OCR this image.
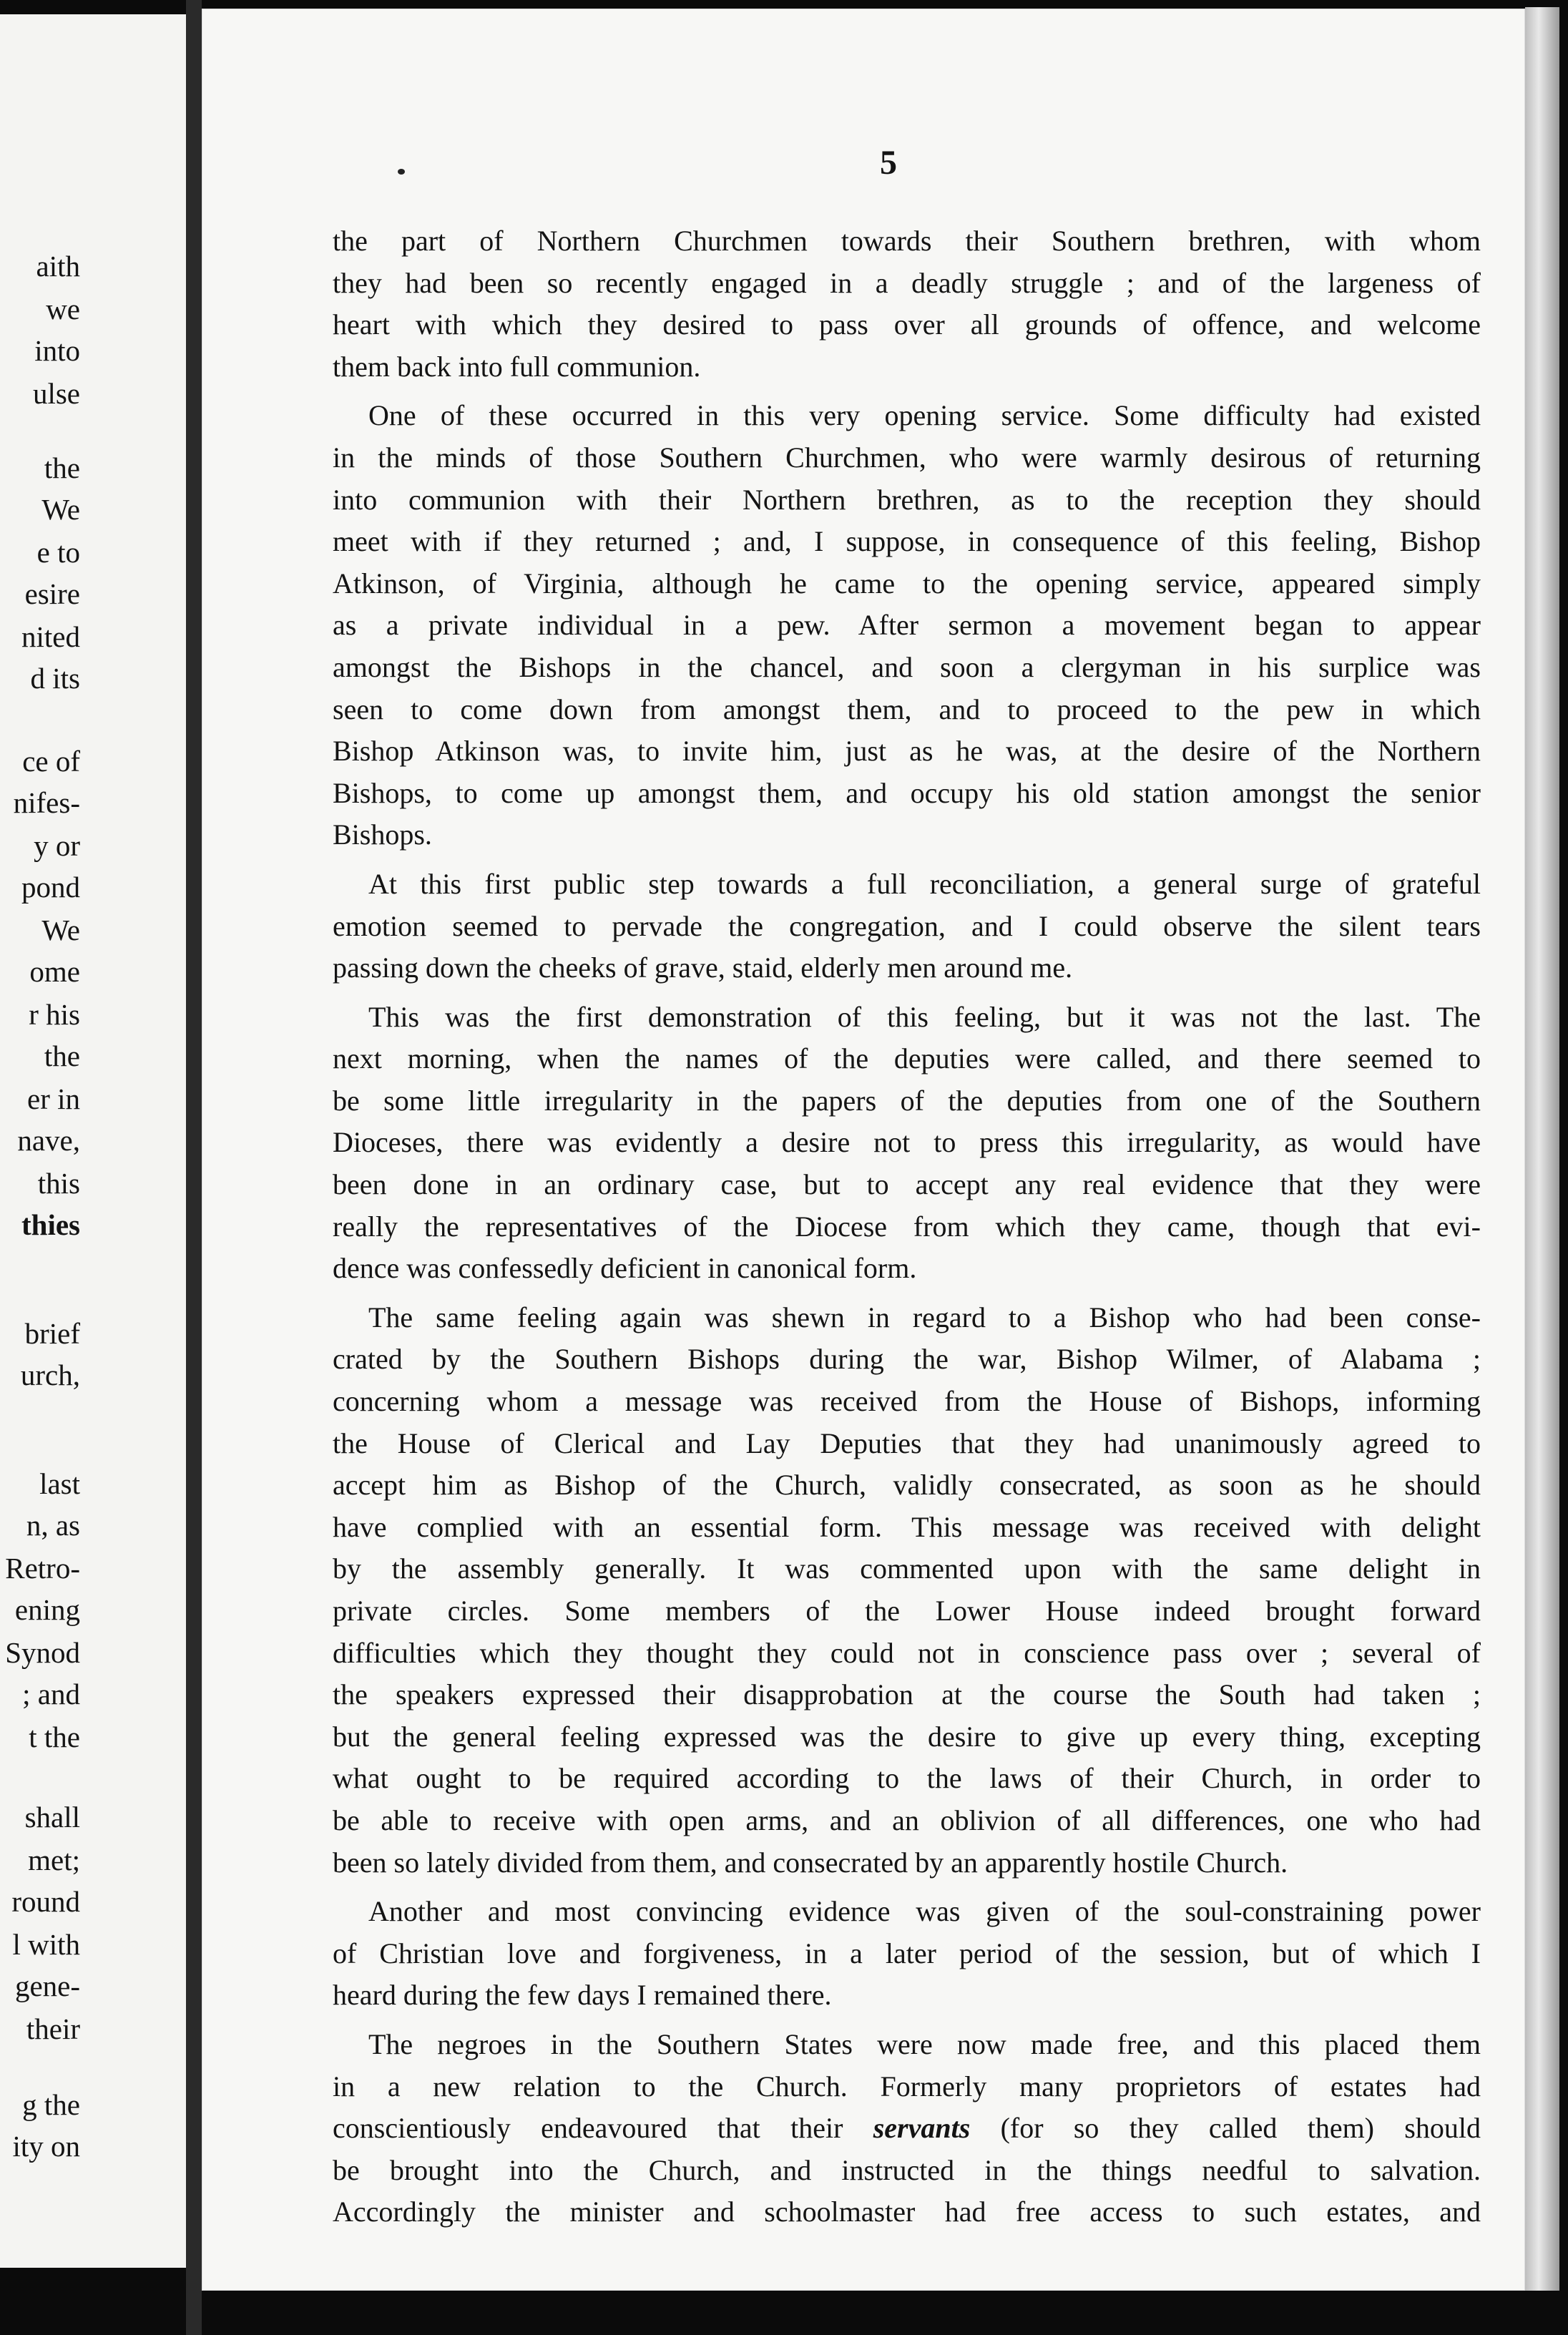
aith
we
into
ulse
the
We
e to
esire
nited
d its
ce of
nifes-
y or
pond
We
ome
r his
the
er in
nave,
this
thies
brief
urch,
last
n, as
Retro-
ening
Synod
; and
t the
shall
met;
round
l with
gene-
their
g the
ity on
5
the part of Northern Churchmen towards their Southern brethren, with whom
they had been so recently engaged in a deadly struggle ; and of the largeness of
heart with which they desired to pass over all grounds of offence, and welcome
them back into full communion.
One of these occurred in this very opening service. Some difficulty had existed
in the minds of those Southern Churchmen, who were warmly desirous of returning
into communion with their Northern brethren, as to the reception they should
meet with if they returned ; and, I suppose, in consequence of this feeling, Bishop
Atkinson, of Virginia, although he came to the opening service, appeared simply
as a private individual in a pew. After sermon a movement began to appear
amongst the Bishops in the chancel, and soon a clergyman in his surplice was
seen to come down from amongst them, and to proceed to the pew in which
Bishop Atkinson was, to invite him, just as he was, at the desire of the Northern
Bishops, to come up amongst them, and occupy his old station amongst the senior
Bishops.
At this first public step towards a full reconciliation, a general surge of grateful
emotion seemed to pervade the congregation, and I could observe the silent tears
passing down the cheeks of grave, staid, elderly men around me.
This was the first demonstration of this feeling, but it was not the last. The
next morning, when the names of the deputies were called, and there seemed to
be some little irregularity in the papers of the deputies from one of the Southern
Dioceses, there was evidently a desire not to press this irregularity, as would have
been done in an ordinary case, but to accept any real evidence that they were
really the representatives of the Diocese from which they came, though that evi-
dence was confessedly deficient in canonical form.
The same feeling again was shewn in regard to a Bishop who had been conse-
crated by the Southern Bishops during the war, Bishop Wilmer, of Alabama ;
concerning whom a message was received from the House of Bishops, informing
the House of Clerical and Lay Deputies that they had unanimously agreed to
accept him as Bishop of the Church, validly consecrated, as soon as he should
have complied with an essential form. This message was received with delight
by the assembly generally. It was commented upon with the same delight in
private circles. Some members of the Lower House indeed brought forward
difficulties which they thought they could not in conscience pass over ; several of
the speakers expressed their disapprobation at the course the South had taken ;
but the general feeling expressed was the desire to give up every thing, excepting
what ought to be required according to the laws of their Church, in order to
be able to receive with open arms, and an oblivion of all differences, one who had
been so lately divided from them, and consecrated by an apparently hostile Church.
Another and most convincing evidence was given of the soul-constraining power
of Christian love and forgiveness, in a later period of the session, but of which I
heard during the few days I remained there.
The negroes in the Southern States were now made free, and this placed them
in a new relation to the Church. Formerly many proprietors of estates had
conscientiously endeavoured that their servants (for so they called them) should
be brought into the Church, and instructed in the things needful to salvation.
Accordingly the minister and schoolmaster had free access to such estates, and
